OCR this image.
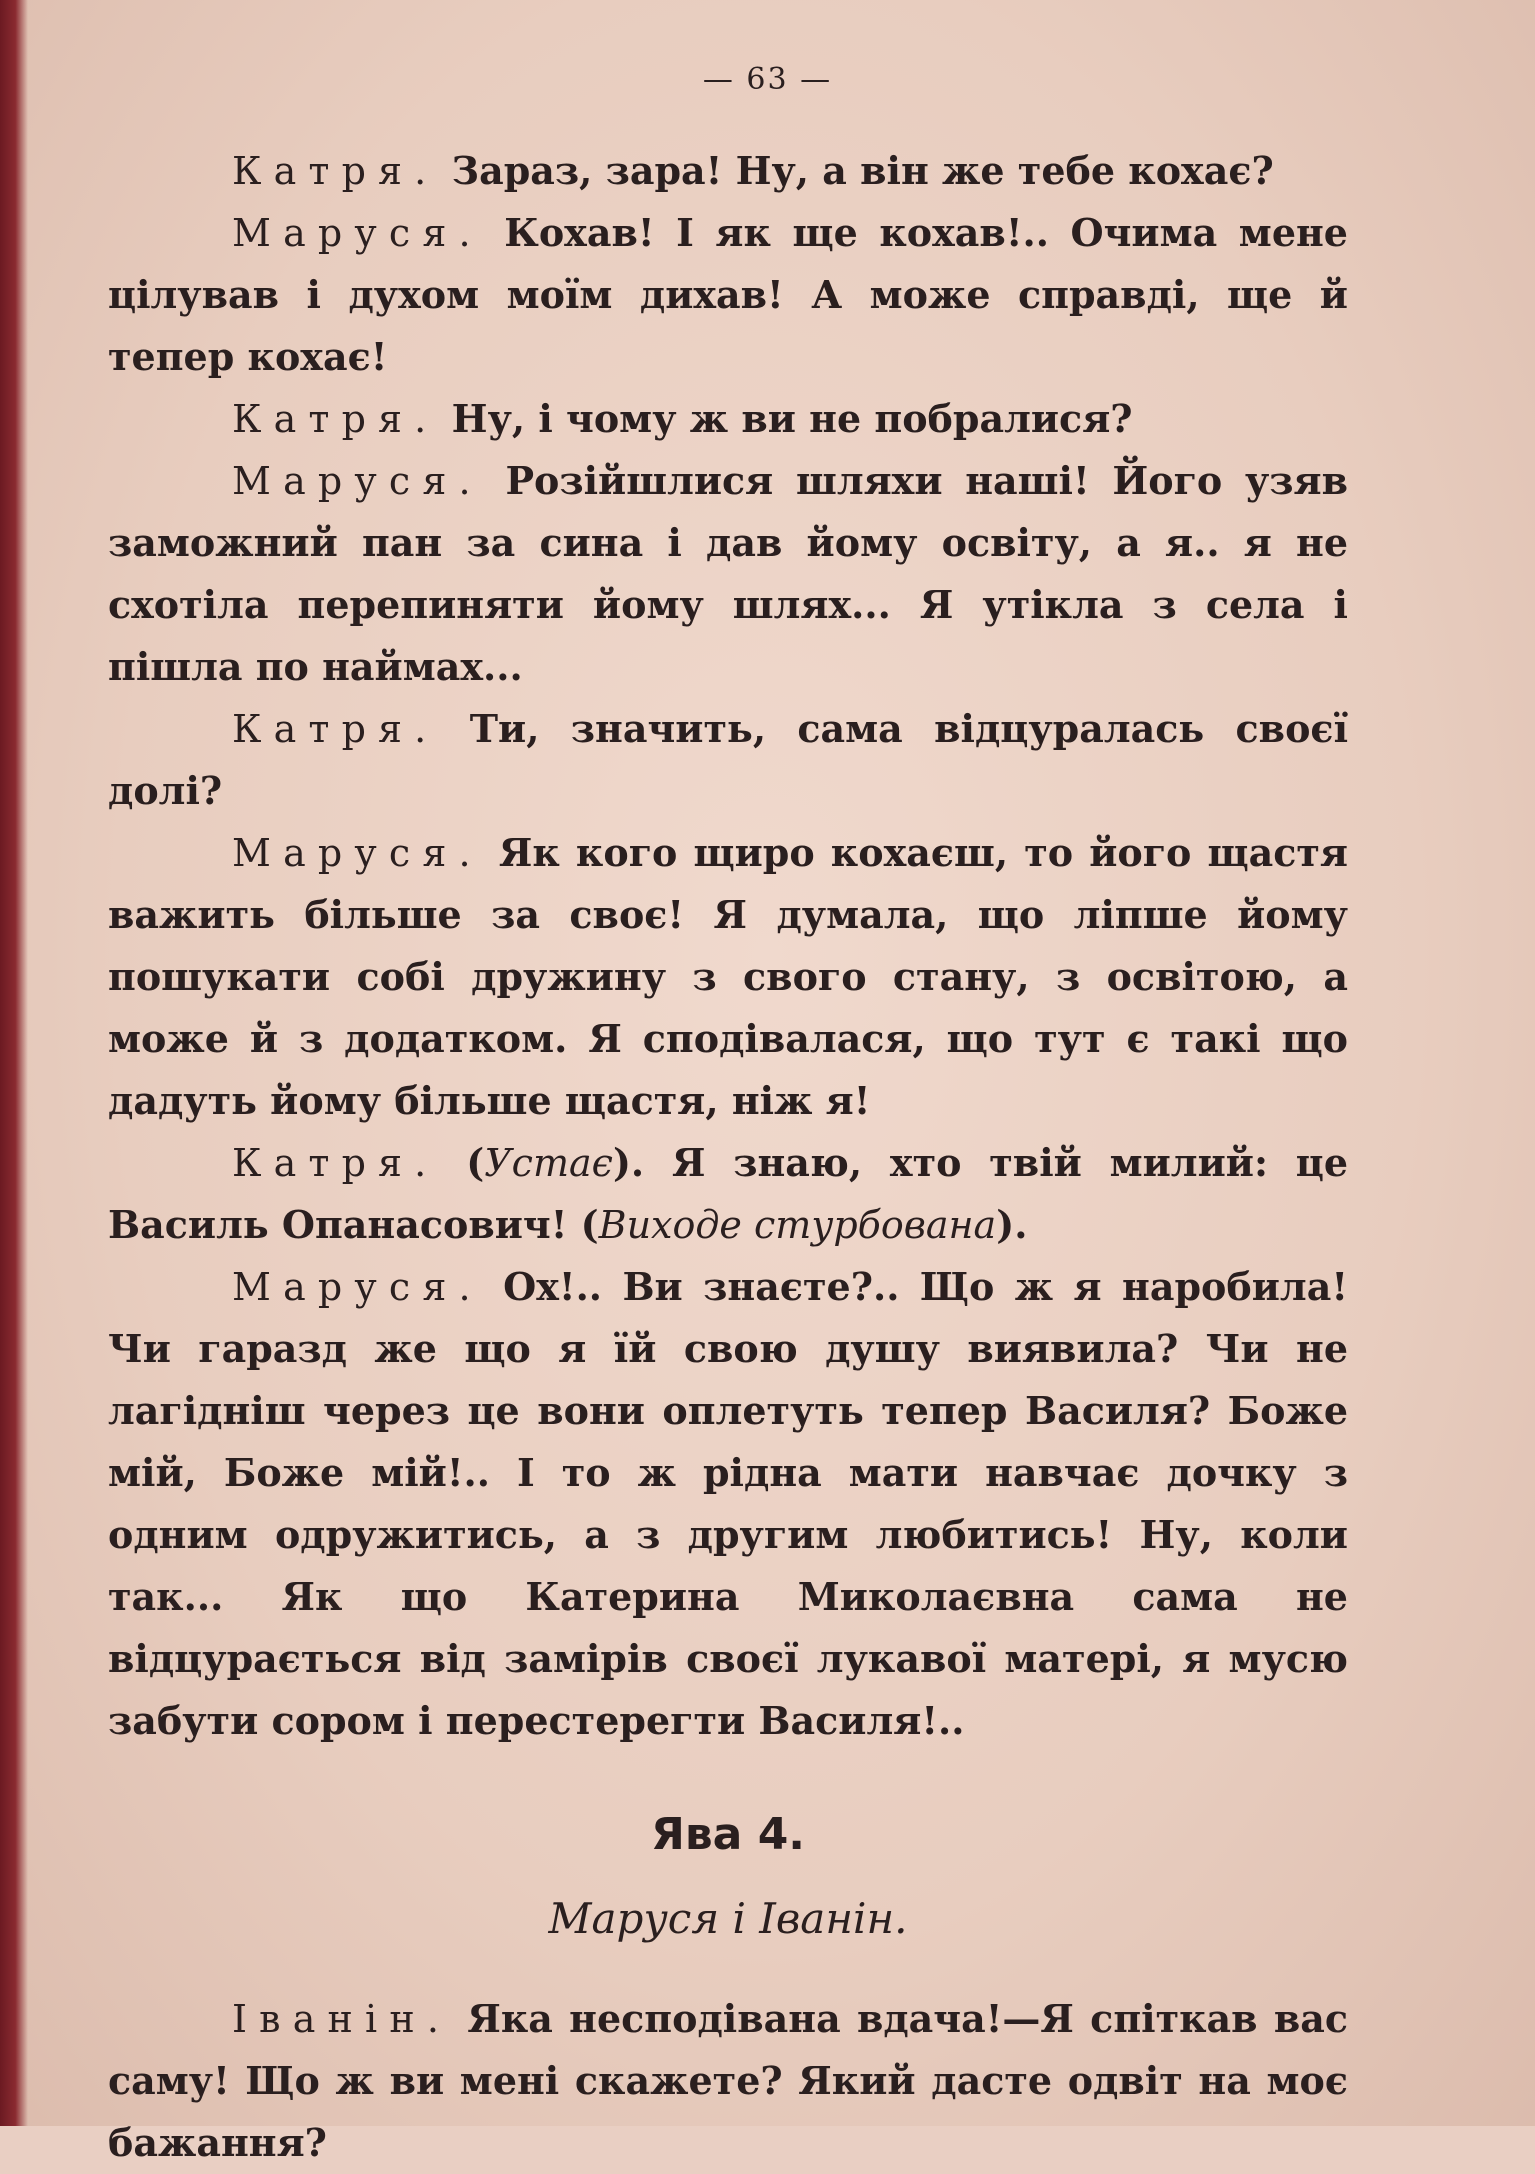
— 63 —

Катря. Зараз, зара! Ну, а він же тебе кохає?

Маруся. Кохав! І як ще кохав!.. Очима мене цілував і духом моїм дихав! А може справді, ще й тепер кохає!

Катря. Ну, і чому ж ви не побралися?

Маруся. Розійшлися шляхи наші! Його узяв заможний пан за сина і дав йому освіту, а я.. я не схотіла перепиняти йому шлях... Я утікла з села і пішла по наймах...

Катря. Ти, значить, сама відцуралась своєї долі?

Маруся. Як кого щиро кохаєш, то його щастя важить більше за своє! Я думала, що ліпше йому пошукати собі дружину з свого стану, з освітою, а може й з додатком. Я сподівалася, що тут є такі що дадуть йому більше щастя, ніж я!

Катря. (Устає). Я знаю, хто твій милий: це Василь Опанасович! (Виходе стурбована).

Маруся. Ох!.. Ви знаєте?.. Що ж я наробила! Чи гаразд же що я їй свою душу виявила? Чи не лагідніш через це вони оплетуть тепер Василя? Боже мій, Боже мій!.. І то ж рідна мати навчає дочку з одним одружитись, а з другим любитись! Ну, коли так... Як що Катерина Миколаєвна сама не відцурається від замірів своєї лукавої матері, я мусю забути сором і перестерегти Василя!..

Ява 4.
Маруся і Іванін.

Іванін. Яка несподівана вдача!—Я спіткав вас саму! Що ж ви мені скажете? Який дасте одвіт на моє бажання?
